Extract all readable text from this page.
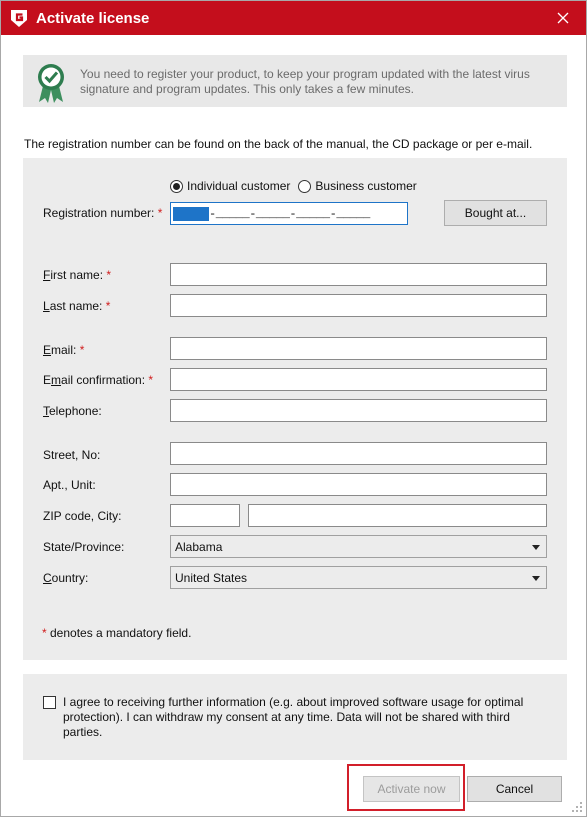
Activate license
You need to register your product, to keep your program updated with the latest virus signature and program updates. This only takes a few minutes.
The registration number can be found on the back of the manual, the CD package or per e-mail.
Individual customer Business customer
Registration number: *	-_____-_____-_____-_____	Bought at...
First name: *
Last name: *
Email: *
Email confirmation: *
Telephone:
Street, No:
Apt., Unit:
ZIP code, City:
State/Province:	Alabama
Country:	United States
* denotes a mandatory field.
I agree to receiving further information (e.g. about improved software usage for optimal protection). I can withdraw my consent at any time. Data will not be shared with third parties.
Activate now	Cancel
